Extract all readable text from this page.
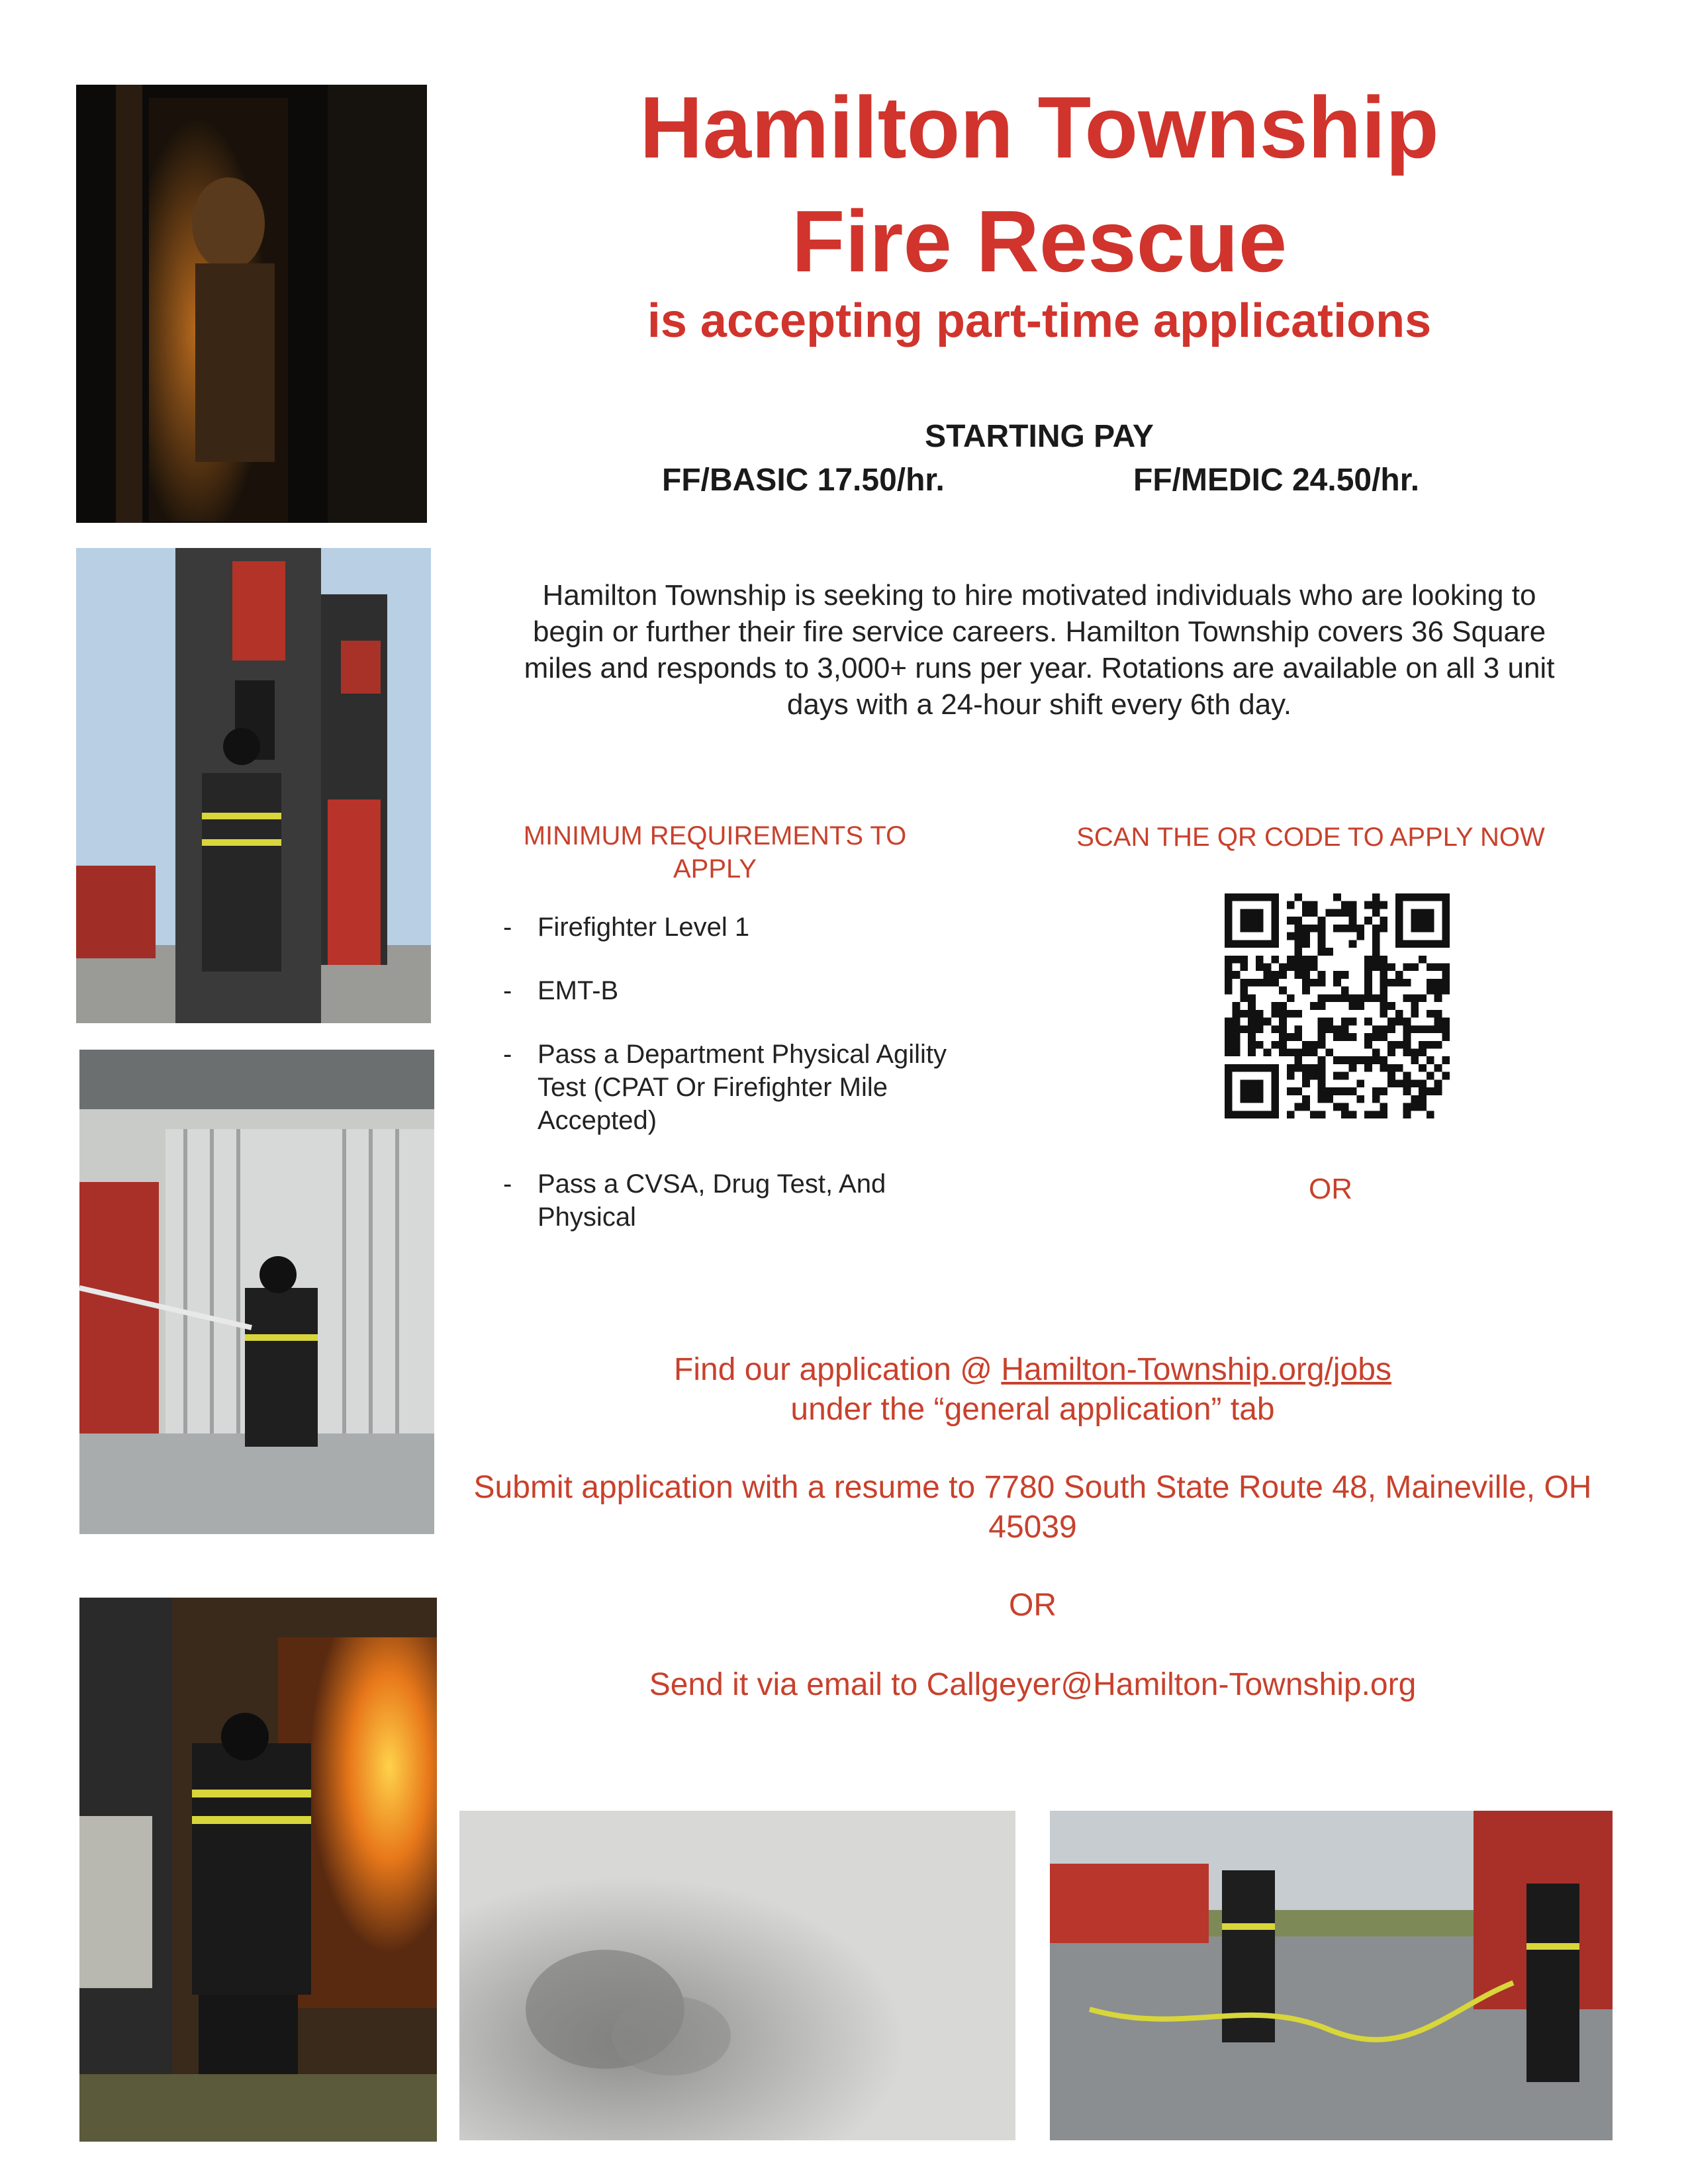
Hamilton Township
Fire Rescue
is accepting part-time applications
STARTING PAY
FF/BASIC 17.50/hr.	FF/MEDIC 24.50/hr.
Hamilton Township is seeking to hire motivated individuals who are looking to begin or further their fire service careers. Hamilton Township covers 36 Square miles and responds to 3,000+ runs per year. Rotations are available on all 3 unit days with a 24-hour shift every 6th day.
MINIMUM REQUIREMENTS TO APPLY
- Firefighter Level 1
- EMT-B
- Pass a Department Physical Agility Test (CPAT Or Firefighter Mile Accepted)
- Pass a CVSA, Drug Test, And Physical
SCAN THE QR CODE TO APPLY NOW
OR
Find our application @ Hamilton-Township.org/jobs
under the “general application” tab
Submit application with a resume to 7780 South State Route 48, Maineville, OH 45039
OR
Send it via email to Callgeyer@Hamilton-Township.org
